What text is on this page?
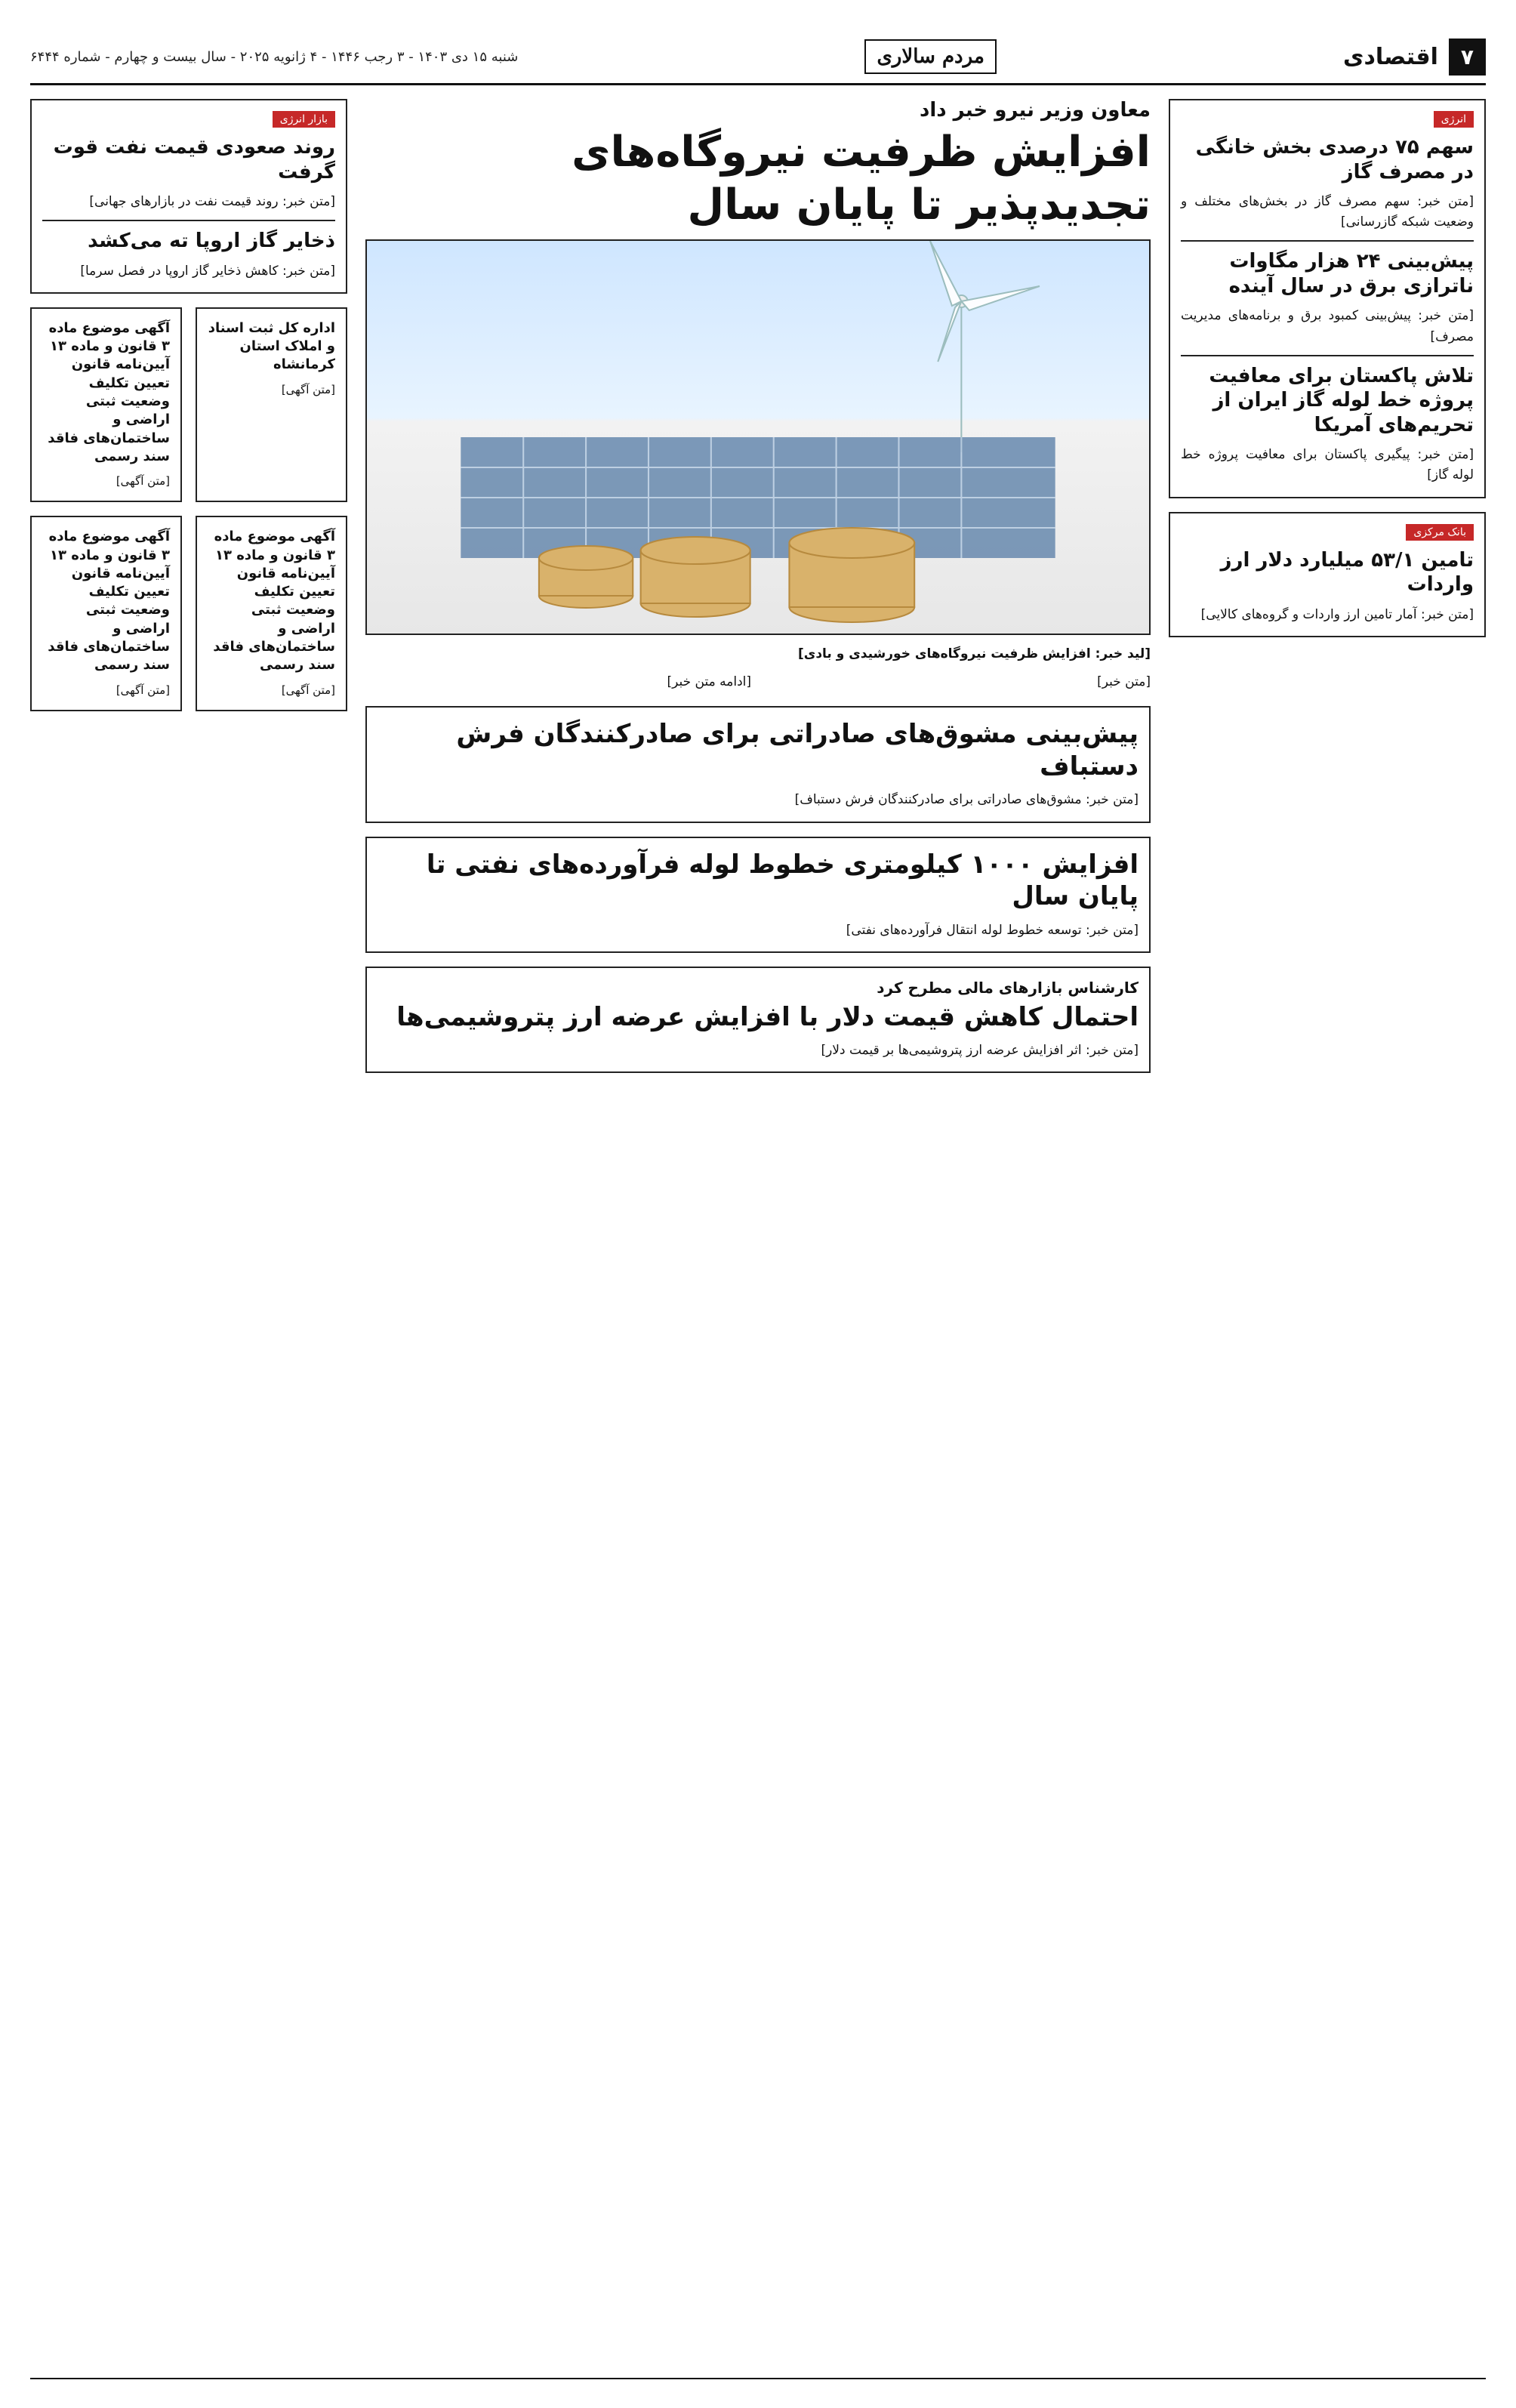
۷
اقتصادی
مردم سالاری
شنبه ۱۵ دی ۱۴۰۳ - ۳ رجب ۱۴۴۶ - ۴ ژانویه ۲۰۲۵ - سال بیست و چهارم - شماره ۶۴۴۴
انرژی
سهم ۷۵ درصدی بخش خانگی در مصرف گاز

[متن خبر: سهم مصرف گاز در بخش‌های مختلف و وضعیت شبکه گازرسانی]

پیش‌بینی ۲۴ هزار مگاوات ناترازی برق در سال آینده

[متن خبر: پیش‌بینی کمبود برق و برنامه‌های مدیریت مصرف]

تلاش پاکستان برای معافیت پروژه خط لوله گاز ایران از تحریم‌های آمریکا

[متن خبر: پیگیری پاکستان برای معافیت پروژه خط لوله گاز]

بانک مرکزی
تامین ۵۳/۱ میلیارد دلار ارز واردات

[متن خبر: آمار تامین ارز واردات و گروه‌های کالایی]

معاون وزیر نیرو خبر داد
افزایش ظرفیت نیروگاه‌های تجدیدپذیر تا پایان سال

[لید خبر: افزایش ظرفیت نیروگاه‌های خورشیدی و بادی]

[متن خبر]

[ادامه متن خبر]

پیش‌بینی مشوق‌های صادراتی برای صادرکنندگان فرش دستباف

[متن خبر: مشوق‌های صادراتی برای صادرکنندگان فرش دستباف]

افزایش ۱۰۰۰ کیلومتری خطوط لوله فرآورده‌های نفتی تا پایان سال

[متن خبر: توسعه خطوط لوله انتقال فرآورده‌های نفتی]

کارشناس بازارهای مالی مطرح کرد
احتمال کاهش قیمت دلار با افزایش عرضه ارز پتروشیمی‌ها

[متن خبر: اثر افزایش عرضه ارز پتروشیمی‌ها بر قیمت دلار]

بازار انرژی
روند صعودی قیمت نفت قوت گرفت

[متن خبر: روند قیمت نفت در بازارهای جهانی]

ذخایر گاز اروپا ته می‌کشد

[متن خبر: کاهش ذخایر گاز اروپا در فصل سرما]

اداره کل ثبت اسناد و املاک استان کرمانشاه

[متن آگهی]

آگهی موضوع ماده ۳ قانون و ماده ۱۳ آیین‌نامه قانون تعیین تکلیف وضعیت ثبتی اراضی و ساختمان‌های فاقد سند رسمی

[متن آگهی]

آگهی موضوع ماده ۳ قانون و ماده ۱۳ آیین‌نامه قانون تعیین تکلیف وضعیت ثبتی اراضی و ساختمان‌های فاقد سند رسمی

[متن آگهی]

آگهی موضوع ماده ۳ قانون و ماده ۱۳ آیین‌نامه قانون تعیین تکلیف وضعیت ثبتی اراضی و ساختمان‌های فاقد سند رسمی

[متن آگهی]
